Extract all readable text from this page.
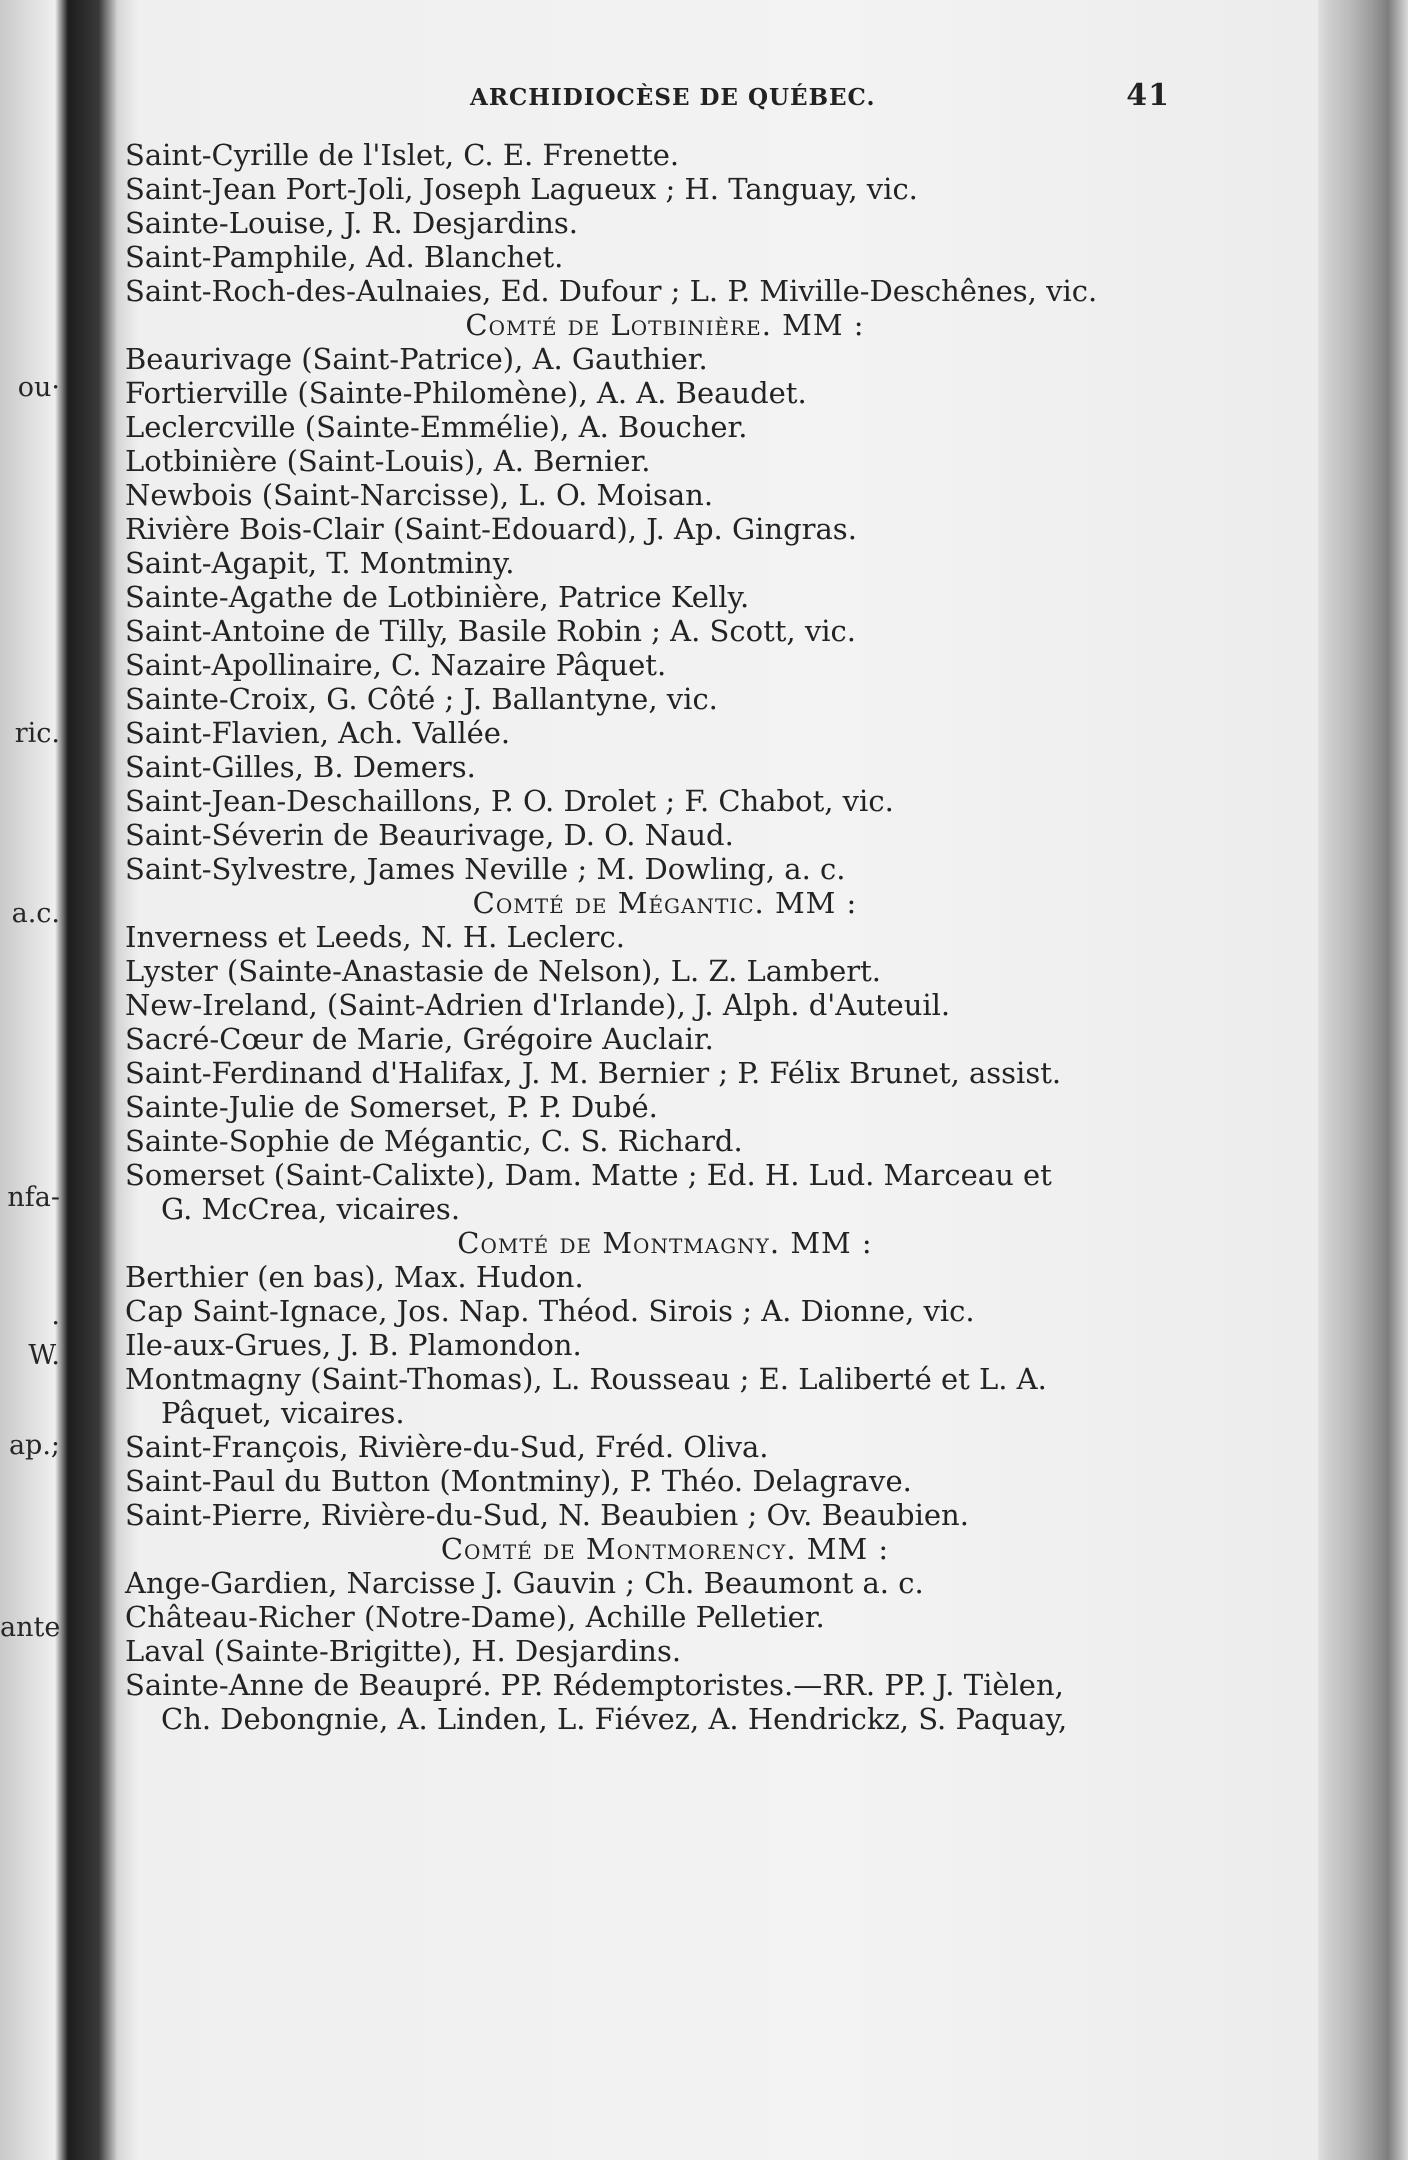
ou·
ric.
a.c.
nfa-
.
W.
ap.;
ante
ARCHIDIOCÈSE DE QUÉBEC.	41
Saint-Cyrille de l'Islet, C. E. Frenette.
Saint-Jean Port-Joli, Joseph Lagueux ; H. Tanguay, vic.
Sainte-Louise, J. R. Desjardins.
Saint-Pamphile, Ad. Blanchet.
Saint-Roch-des-Aulnaies, Ed. Dufour ; L. P. Miville-Deschênes, vic.
Comté de Lotbinière. MM :
Beaurivage (Saint-Patrice), A. Gauthier.
Fortierville (Sainte-Philomène), A. A. Beaudet.
Leclercville (Sainte-Emmélie), A. Boucher.
Lotbinière (Saint-Louis), A. Bernier.
Newbois (Saint-Narcisse), L. O. Moisan.
Rivière Bois-Clair (Saint-Edouard), J. Ap. Gingras.
Saint-Agapit, T. Montminy.
Sainte-Agathe de Lotbinière, Patrice Kelly.
Saint-Antoine de Tilly, Basile Robin ; A. Scott, vic.
Saint-Apollinaire, C. Nazaire Pâquet.
Sainte-Croix, G. Côté ; J. Ballantyne, vic.
Saint-Flavien, Ach. Vallée.
Saint-Gilles, B. Demers.
Saint-Jean-Deschaillons, P. O. Drolet ; F. Chabot, vic.
Saint-Séverin de Beaurivage, D. O. Naud.
Saint-Sylvestre, James Neville ; M. Dowling, a. c.
Comté de Mégantic. MM :
Inverness et Leeds, N. H. Leclerc.
Lyster (Sainte-Anastasie de Nelson), L. Z. Lambert.
New-Ireland, (Saint-Adrien d'Irlande), J. Alph. d'Auteuil.
Sacré-Cœur de Marie, Grégoire Auclair.
Saint-Ferdinand d'Halifax, J. M. Bernier ; P. Félix Brunet, assist.
Sainte-Julie de Somerset, P. P. Dubé.
Sainte-Sophie de Mégantic, C. S. Richard.
Somerset (Saint-Calixte), Dam. Matte ; Ed. H. Lud. Marceau et
G. McCrea, vicaires.
Comté de Montmagny. MM :
Berthier (en bas), Max. Hudon.
Cap Saint-Ignace, Jos. Nap. Théod. Sirois ; A. Dionne, vic.
Ile-aux-Grues, J. B. Plamondon.
Montmagny (Saint-Thomas), L. Rousseau ; E. Laliberté et L. A.
Pâquet, vicaires.
Saint-François, Rivière-du-Sud, Fréd. Oliva.
Saint-Paul du Button (Montminy), P. Théo. Delagrave.
Saint-Pierre, Rivière-du-Sud, N. Beaubien ; Ov. Beaubien.
Comté de Montmorency. MM :
Ange-Gardien, Narcisse J. Gauvin ; Ch. Beaumont a. c.
Château-Richer (Notre-Dame), Achille Pelletier.
Laval (Sainte-Brigitte), H. Desjardins.
Sainte-Anne de Beaupré. PP. Rédemptoristes.—RR. PP. J. Tièlen,
Ch. Debongnie, A. Linden, L. Fiévez, A. Hendrickz, S. Paquay,
